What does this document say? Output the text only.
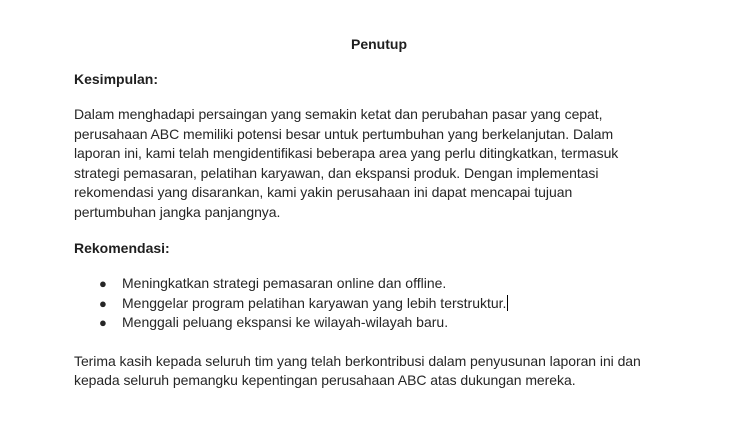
Penutup

Kesimpulan:

Dalam menghadapi persaingan yang semakin ketat dan perubahan pasar yang cepat,
perusahaan ABC memiliki potensi besar untuk pertumbuhan yang berkelanjutan. Dalam
laporan ini, kami telah mengidentifikasi beberapa area yang perlu ditingkatkan, termasuk
strategi pemasaran, pelatihan karyawan, dan ekspansi produk. Dengan implementasi
rekomendasi yang disarankan, kami yakin perusahaan ini dapat mencapai tujuan
pertumbuhan jangka panjangnya.

Rekomendasi:

● Meningkatkan strategi pemasaran online dan offline.
● Menggelar program pelatihan karyawan yang lebih terstruktur.
● Menggali peluang ekspansi ke wilayah-wilayah baru.

Terima kasih kepada seluruh tim yang telah berkontribusi dalam penyusunan laporan ini dan
kepada seluruh pemangku kepentingan perusahaan ABC atas dukungan mereka.
